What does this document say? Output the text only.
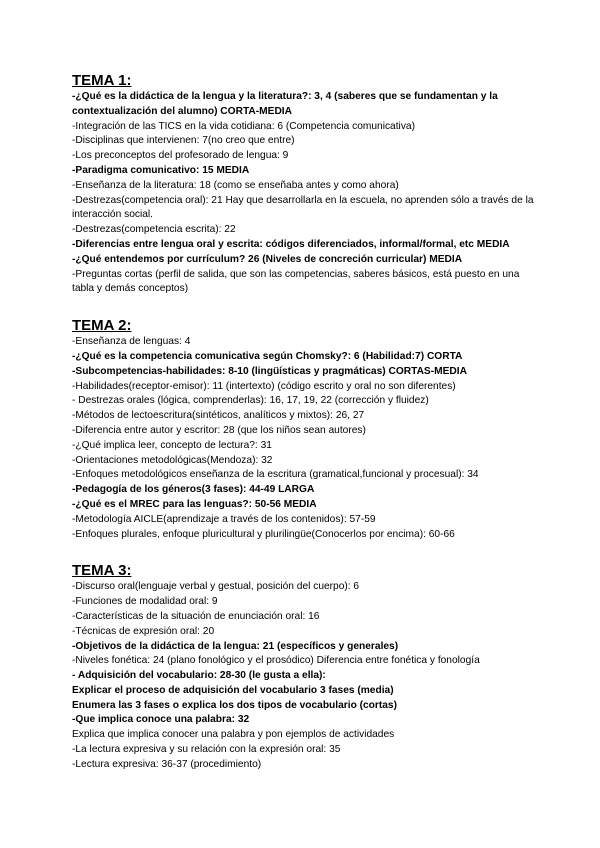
TEMA 1:
-¿Qué es la didáctica de la lengua y la literatura?: 3, 4 (saberes que se fundamentan y la contextualización del alumno) CORTA-MEDIA
-Integración de las TICS en la vida cotidiana: 6 (Competencia comunicativa)
-Disciplinas que intervienen: 7(no creo que entre)
-Los preconceptos del profesorado de lengua: 9
-Paradigma comunicativo: 15 MEDIA
-Enseñanza de la literatura: 18 (como se enseñaba antes y como ahora)
-Destrezas(competencia oral): 21 Hay que desarrollarla en la escuela, no aprenden sólo a través de la interacción social.
-Destrezas(competencia escrita): 22
-Diferencias entre lengua oral y escrita: códigos diferenciados, informal/formal, etc MEDIA
-¿Qué entendemos por currículum? 26 (Niveles de concreción curricular) MEDIA
-Preguntas cortas (perfil de salida, que son las competencias, saberes básicos, está puesto en una tabla y demás conceptos)
TEMA 2:
-Enseñanza de lenguas: 4
-¿Qué es la competencia comunicativa según Chomsky?: 6 (Habilidad:7) CORTA
-Subcompetencias-habilidades: 8-10 (lingüísticas y pragmáticas) CORTAS-MEDIA
-Habilidades(receptor-emisor): 11 (intertexto) (código escrito y oral no son diferentes)
- Destrezas orales (lógica, comprenderlas): 16, 17, 19, 22 (corrección y fluidez)
-Métodos de lectoescritura(sintéticos, analíticos y mixtos): 26, 27
-Diferencia entre autor y escritor: 28 (que los niños sean autores)
-¿Qué implica leer, concepto de lectura?: 31
-Orientaciones metodológicas(Mendoza): 32
-Enfoques metodológicos enseñanza de la escritura (gramatical,funcional y procesual): 34
-Pedagogía de los géneros(3 fases): 44-49 LARGA
-¿Qué es el MREC para las lenguas?: 50-56 MEDIA
-Metodología AICLE(aprendizaje a través de los contenidos): 57-59
-Enfoques plurales, enfoque pluricultural y plurilingüe(Conocerlos por encima): 60-66
TEMA 3:
-Discurso oral(lenguaje verbal y gestual, posición del cuerpo): 6
-Funciones de modalidad oral: 9
-Características de la situación de enunciación oral: 16
-Técnicas de expresión oral: 20
-Objetivos de la didáctica de la lengua: 21 (específicos y generales)
-Niveles fonética: 24 (plano fonológico y el prosódico) Diferencia entre fonética y fonología
- Adquisición del vocabulario: 28-30 (le gusta a ella):
Explicar el proceso de adquisición del vocabulario 3 fases (media)
Enumera las 3 fases o explica los dos tipos de vocabulario (cortas)
-Que implica conoce una palabra: 32
Explica que implica conocer una palabra y pon ejemplos de actividades
-La lectura expresiva y su relación con la expresión oral: 35
-Lectura expresiva: 36-37 (procedimiento)
